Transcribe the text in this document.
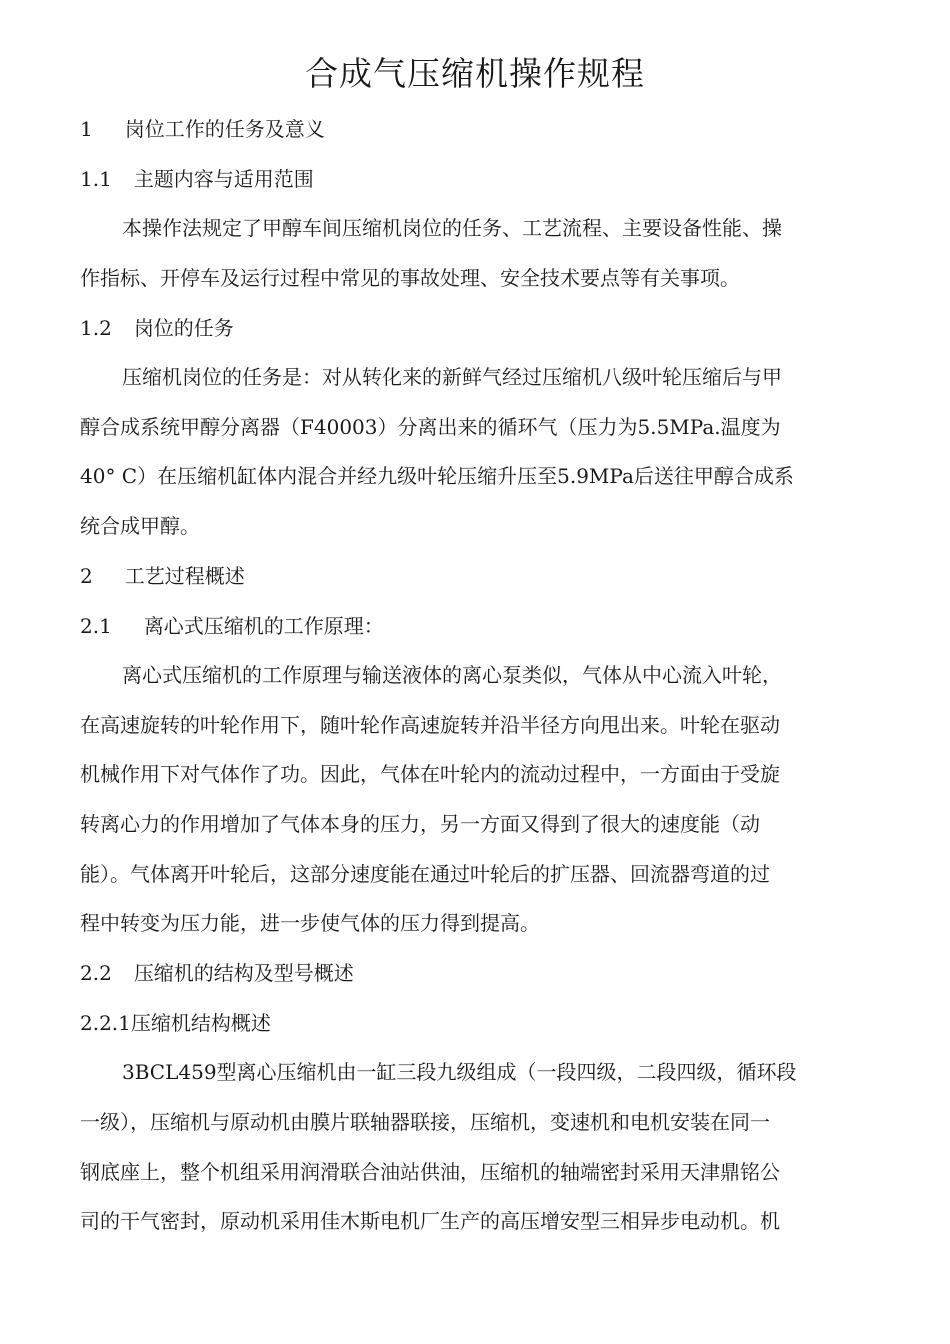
合成气压缩机操作规程
1 岗位工作的任务及意义
1.1 主题内容与适用范围
本操作法规定了甲醇车间压缩机岗位的任务、工艺流程、主要设备性能、操
作指标、开停车及运行过程中常见的事故处理、安全技术要点等有关事项。
1.2 岗位的任务
压缩机岗位的任务是：对从转化来的新鲜气经过压缩机八级叶轮压缩后与甲
醇合成系统甲醇分离器（F40003）分离出来的循环气（压力为5.5MPa.温度为
40° C）在压缩机缸体内混合并经九级叶轮压缩升压至5.9MPa后送往甲醇合成系
统合成甲醇。
2 工艺过程概述
2.1 离心式压缩机的工作原理：
离心式压缩机的工作原理与输送液体的离心泵类似，气体从中心流入叶轮，
在高速旋转的叶轮作用下，随叶轮作高速旋转并沿半径方向甩出来。叶轮在驱动
机械作用下对气体作了功。因此，气体在叶轮内的流动过程中，一方面由于受旋
转离心力的作用增加了气体本身的压力，另一方面又得到了很大的速度能（动
能）。气体离开叶轮后，这部分速度能在通过叶轮后的扩压器、回流器弯道的过
程中转变为压力能，进一步使气体的压力得到提高。
2.2 压缩机的结构及型号概述
2.2.1压缩机结构概述
3BCL459型离心压缩机由一缸三段九级组成（一段四级，二段四级，循环段
一级），压缩机与原动机由膜片联轴器联接，压缩机，变速机和电机安装在同一
钢底座上，整个机组采用润滑联合油站供油，压缩机的轴端密封采用天津鼎铭公
司的干气密封，原动机采用佳木斯电机厂生产的高压增安型三相异步电动机。机
